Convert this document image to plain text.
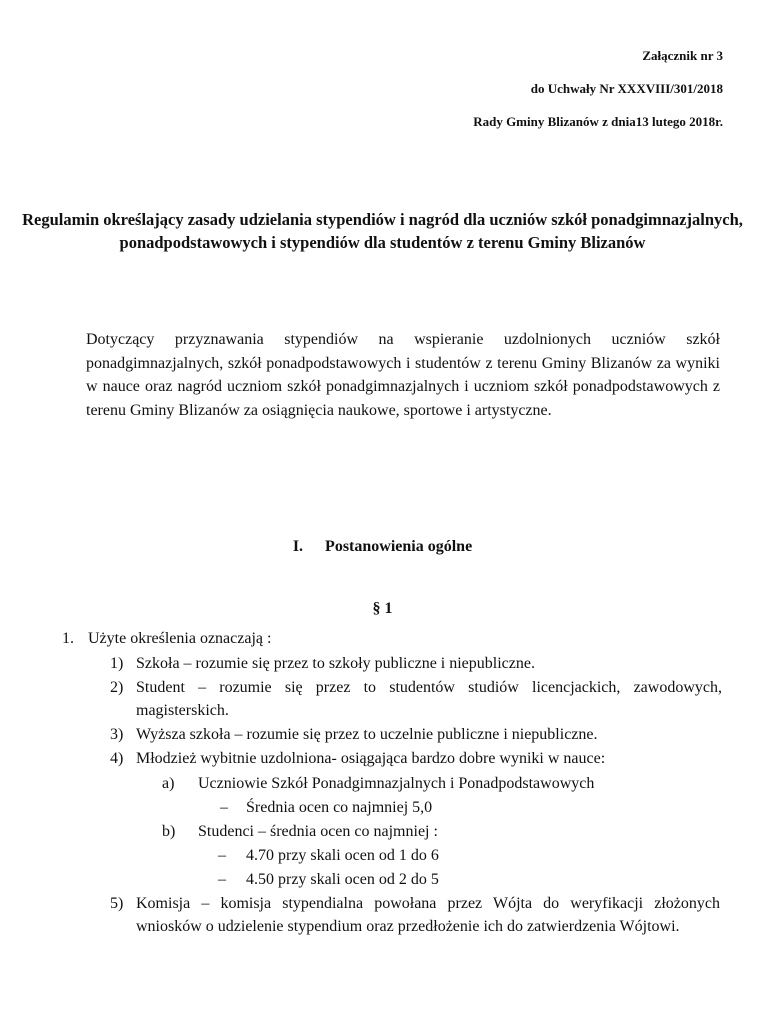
Załącznik nr 3
do Uchwały Nr XXXVIII/301/2018
Rady Gminy Blizanów z dnia13 lutego 2018r.
Regulamin określający zasady udzielania stypendiów i nagród dla uczniów szkół ponadgimnazjalnych, ponadpodstawowych i stypendiów dla studentów z terenu Gminy Blizanów
Dotyczący przyznawania stypendiów na wspieranie uzdolnionych uczniów szkół ponadgimnazjalnych, szkół ponadpodstawowych i studentów z terenu Gminy Blizanów za wyniki w nauce oraz nagród uczniom szkół ponadgimnazjalnych i uczniom szkół ponadpodstawowych z terenu Gminy Blizanów za osiągnięcia naukowe, sportowe i artystyczne.
I. Postanowienia ogólne
§ 1
1. Użyte określenia oznaczają :
1) Szkoła – rozumie się przez to szkoły publiczne i niepubliczne.
2) Student – rozumie się przez to studentów studiów licencjackich, zawodowych, magisterskich.
3) Wyższa szkoła – rozumie się przez to uczelnie publiczne i niepubliczne.
4) Młodzież wybitnie uzdolniona- osiągająca bardzo dobre wyniki w nauce:
a) Uczniowie Szkół Ponadgimnazjalnych i Ponadpodstawowych
– Średnia ocen co najmniej 5,0
b) Studenci – średnia ocen co najmniej :
– 4.70 przy skali ocen od 1 do 6
– 4.50 przy skali ocen od 2 do 5
5) Komisja – komisja stypendialna powołana przez Wójta do weryfikacji złożonych wniosków o udzielenie stypendium oraz przedłożenie ich do zatwierdzenia Wójtowi.
